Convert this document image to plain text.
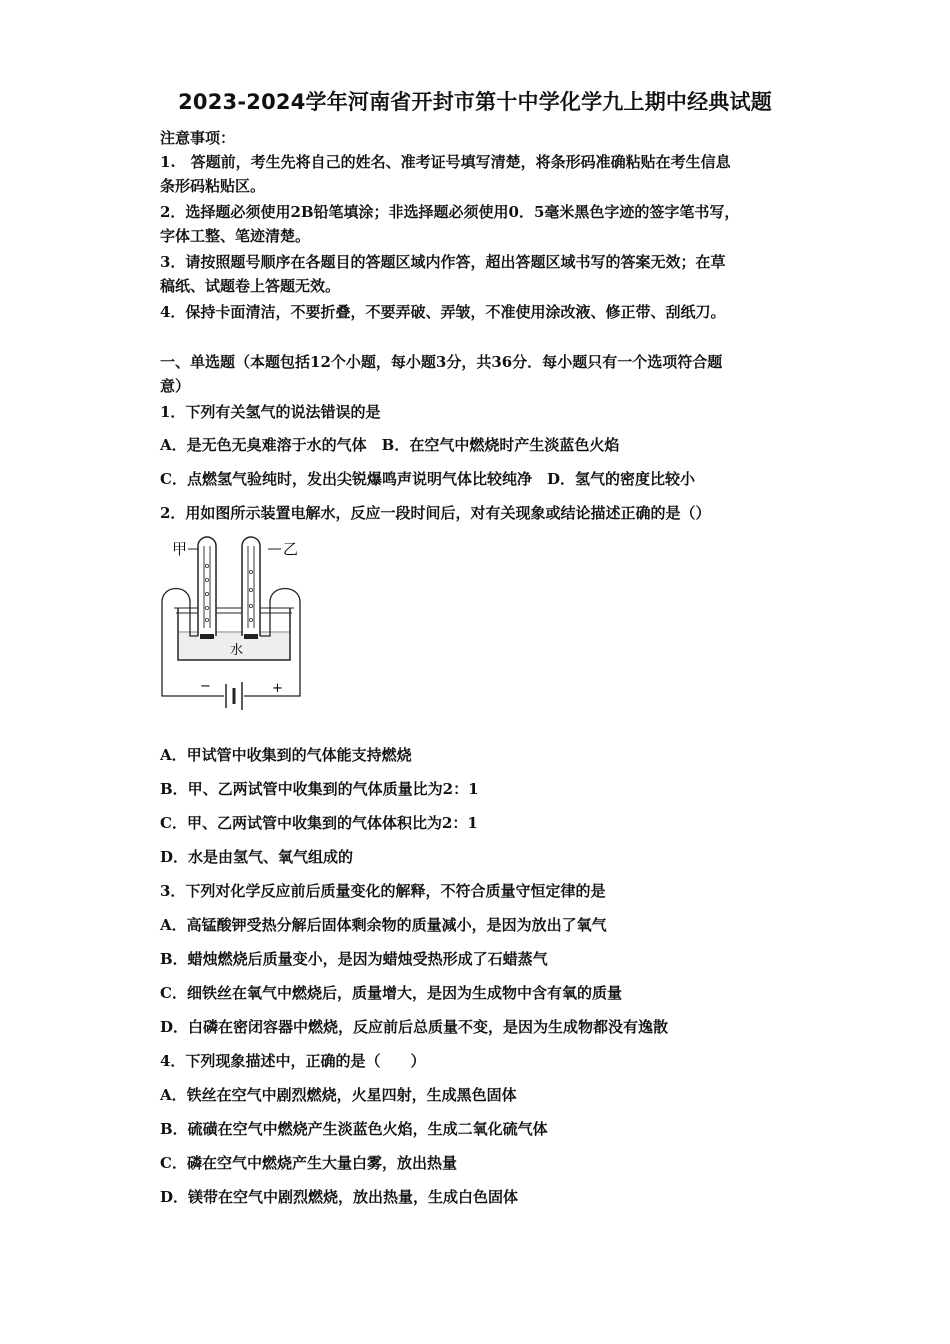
2023-2024学年河南省开封市第十中学化学九上期中经典试题
注意事项：
1.　答题前，考生先将自己的姓名、准考证号填写清楚，将条形码准确粘贴在考生信息
条形码粘贴区。
2．选择题必须使用2B铅笔填涂；非选择题必须使用0．5毫米黑色字迹的签字笔书写，
字体工整、笔迹清楚。
3．请按照题号顺序在各题目的答题区域内作答，超出答题区域书写的答案无效；在草
稿纸、试题卷上答题无效。
4．保持卡面清洁，不要折叠，不要弄破、弄皱，不准使用涂改液、修正带、刮纸刀。
一、单选题（本题包括12个小题，每小题3分，共36分．每小题只有一个选项符合题
意）
1．下列有关氢气的说法错误的是
A．是无色无臭难溶于水的气体　B．在空气中燃烧时产生淡蓝色火焰
C．点燃氢气验纯时，发出尖锐爆鸣声说明气体比较纯净　D．氢气的密度比较小
2．用如图所示装置电解水，反应一段时间后，对有关现象或结论描述正确的是（）
甲	乙
水
−	+
A．甲试管中收集到的气体能支持燃烧
B．甲、乙两试管中收集到的气体质量比为2：1
C．甲、乙两试管中收集到的气体体积比为2：1
D．水是由氢气、氧气组成的
3．下列对化学反应前后质量变化的解释，不符合质量守恒定律的是
A．高锰酸钾受热分解后固体剩余物的质量减小，是因为放出了氧气
B．蜡烛燃烧后质量变小，是因为蜡烛受热形成了石蜡蒸气
C．细铁丝在氧气中燃烧后，质量增大，是因为生成物中含有氧的质量
D．白磷在密闭容器中燃烧，反应前后总质量不变，是因为生成物都没有逸散
4．下列现象描述中，正确的是（　　）
A．铁丝在空气中剧烈燃烧，火星四射，生成黑色固体
B．硫磺在空气中燃烧产生淡蓝色火焰，生成二氧化硫气体
C．磷在空气中燃烧产生大量白雾，放出热量
D．镁带在空气中剧烈燃烧，放出热量，生成白色固体
